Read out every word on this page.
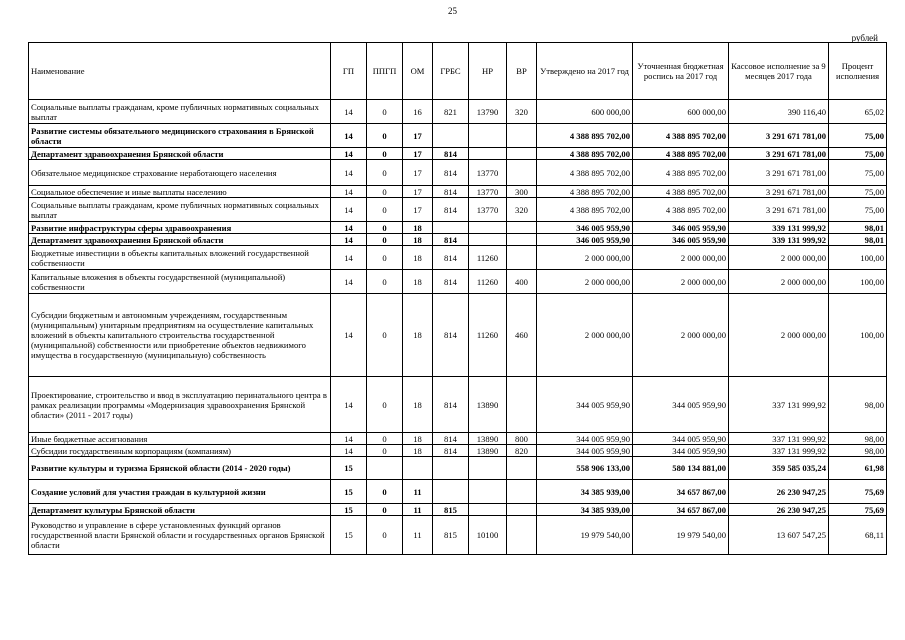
25
рублей
Наименование	ГП	ППГП	ОМ	ГРБС	НР	ВР	Утверждено на 2017 год	Уточненная бюджетная роспись на 2017 год	Кассовое исполнение за 9 месяцев 2017 года	Процент исполнения
Социальные выплаты гражданам, кроме публичных нормативных социальных выплат	14	0	16	821	13790	320	600 000,00	600 000,00	390 116,40	65,02
Развитие системы обязательного медицинского страхования в Брянской области	14	0	17				4 388 895 702,00	4 388 895 702,00	3 291 671 781,00	75,00
Департамент здравоохранения Брянской области	14	0	17	814			4 388 895 702,00	4 388 895 702,00	3 291 671 781,00	75,00
Обязательное медицинское страхование неработающего населения	14	0	17	814	13770		4 388 895 702,00	4 388 895 702,00	3 291 671 781,00	75,00
Социальное обеспечение и иные выплаты населению	14	0	17	814	13770	300	4 388 895 702,00	4 388 895 702,00	3 291 671 781,00	75,00
Социальные выплаты гражданам, кроме публичных нормативных социальных выплат	14	0	17	814	13770	320	4 388 895 702,00	4 388 895 702,00	3 291 671 781,00	75,00
Развитие инфраструктуры сферы здравоохранения	14	0	18				346 005 959,90	346 005 959,90	339 131 999,92	98,01
Департамент здравоохранения Брянской области	14	0	18	814			346 005 959,90	346 005 959,90	339 131 999,92	98,01
Бюджетные инвестиции в объекты капитальных вложений государственной собственности	14	0	18	814	11260		2 000 000,00	2 000 000,00	2 000 000,00	100,00
Капитальные вложения в объекты государственной (муниципальной) собственности	14	0	18	814	11260	400	2 000 000,00	2 000 000,00	2 000 000,00	100,00
Субсидии бюджетным и автономным учреждениям, государственным (муниципальным) унитарным предприятиям на осуществление капитальных вложений в объекты капитального строительства государственной (муниципальной) собственности или приобретение объектов недвижимого имущества в государственную (муниципальную) собственность	14	0	18	814	11260	460	2 000 000,00	2 000 000,00	2 000 000,00	100,00
Проектирование, строительство и ввод в эксплуатацию перинатального центра в рамках реализации программы «Модернизация здравоохранения Брянской области» (2011 - 2017 годы)	14	0	18	814	13890		344 005 959,90	344 005 959,90	337 131 999,92	98,00
Иные бюджетные ассигнования	14	0	18	814	13890	800	344 005 959,90	344 005 959,90	337 131 999,92	98,00
Субсидии государственным корпорациям (компаниям)	14	0	18	814	13890	820	344 005 959,90	344 005 959,90	337 131 999,92	98,00
Развитие культуры и туризма Брянской области (2014 - 2020 годы)	15						558 906 133,00	580 134 881,00	359 585 035,24	61,98
Создание условий для участия граждан в культурной жизни	15	0	11				34 385 939,00	34 657 867,00	26 230 947,25	75,69
Департамент культуры Брянской области	15	0	11	815			34 385 939,00	34 657 867,00	26 230 947,25	75,69
Руководство и управление в сфере установленных функций органов государственной власти Брянской области и государственных органов Брянской области	15	0	11	815	10100		19 979 540,00	19 979 540,00	13 607 547,25	68,11
